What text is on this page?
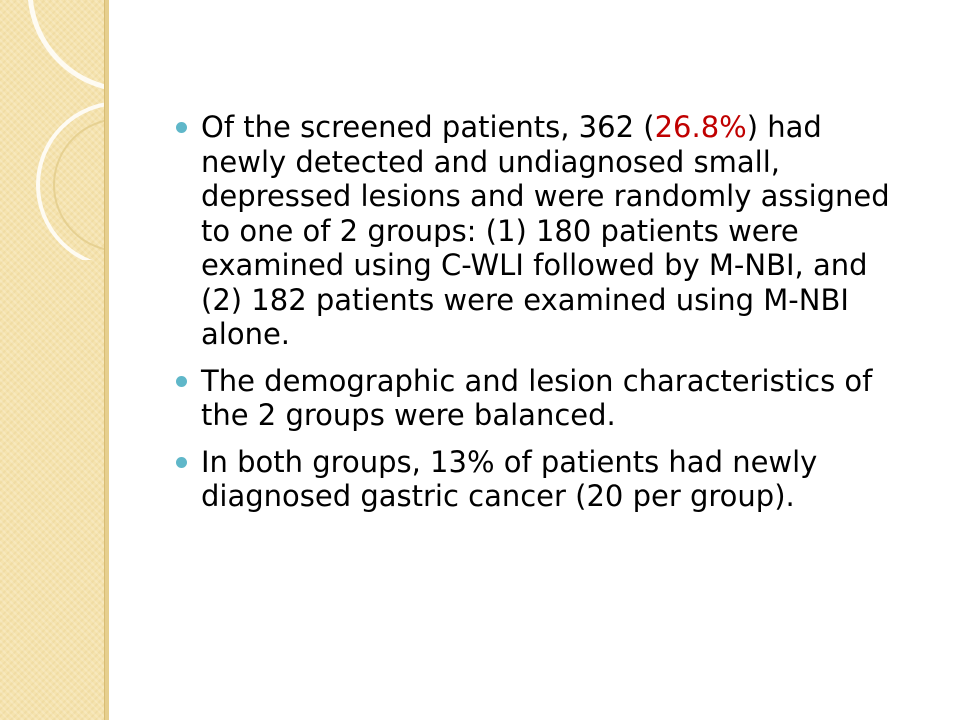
Of the screened patients, 362 (26.8%) had newly detected and undiagnosed small, depressed lesions and were randomly assigned to one of 2 groups: (1) 180 patients were examined using C-WLI followed by M-NBI, and (2) 182 patients were examined using M-NBI alone.
The demographic and lesion characteristics of the 2 groups were balanced.
In both groups, 13% of patients had newly diagnosed gastric cancer (20 per group).
